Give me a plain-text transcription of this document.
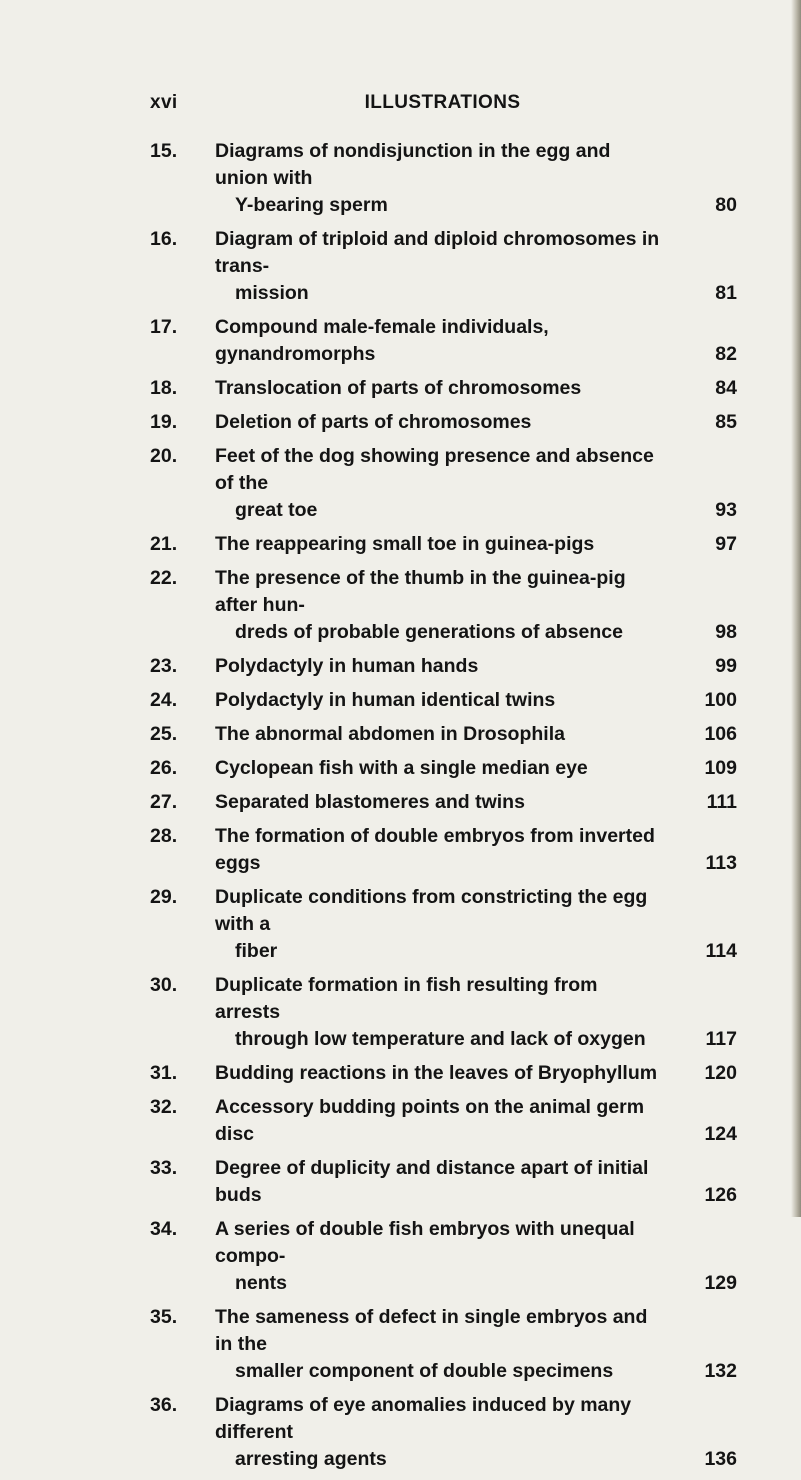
xvi	ILLUSTRATIONS
15. Diagrams of nondisjunction in the egg and union with
Y-bearing sperm	80
16. Diagram of triploid and diploid chromosomes in trans-
mission	81
17. Compound male-female individuals, gynandromorphs	82
18. Translocation of parts of chromosomes	84
19. Deletion of parts of chromosomes	85
20. Feet of the dog showing presence and absence of the
great toe	93
21. The reappearing small toe in guinea-pigs	97
22. The presence of the thumb in the guinea-pig after hun-
dreds of probable generations of absence	98
23. Polydactyly in human hands	99
24. Polydactyly in human identical twins	100
25. The abnormal abdomen in Drosophila	106
26. Cyclopean fish with a single median eye	109
27. Separated blastomeres and twins	111
28. The formation of double embryos from inverted eggs	113
29. Duplicate conditions from constricting the egg with a
fiber	114
30. Duplicate formation in fish resulting from arrests
through low temperature and lack of oxygen	117
31. Budding reactions in the leaves of Bryophyllum	120
32. Accessory budding points on the animal germ disc	124
33. Degree of duplicity and distance apart of initial buds	126
34. A series of double fish embryos with unequal compo-
nents	129
35. The sameness of defect in single embryos and in the
smaller component of double specimens	132
36. Diagrams of eye anomalies induced by many different
arresting agents	136
